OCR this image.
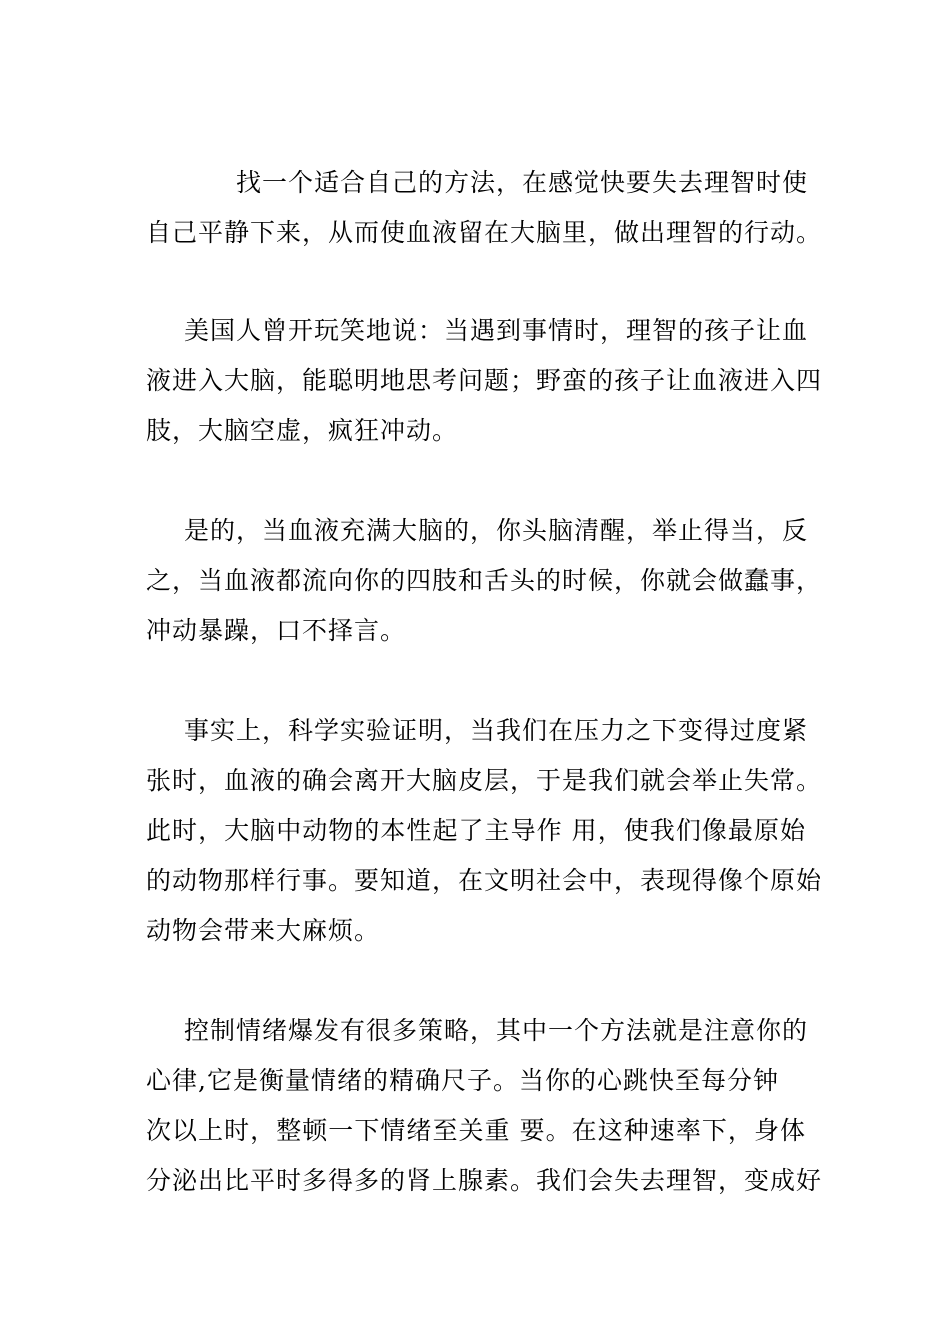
找一个适合自己的方法，在感觉快要失去理智时使
自己平静下来，从而使血液留在大脑里，做出理智的行动。
美国人曾开玩笑地说：当遇到事情时，理智的孩子让血
液进入大脑，能聪明地思考问题；野蛮的孩子让血液进入四
肢，大脑空虚，疯狂冲动。
是的，当血液充满大脑的，你头脑清醒，举止得当，反
之，当血液都流向你的四肢和舌头的时候，你就会做蠢事，
冲动暴躁，口不择言。
事实上，科学实验证明，当我们在压力之下变得过度紧
张时，血液的确会离开大脑皮层，于是我们就会举止失常。
此时，大脑中动物的本性起了主导作 用，使我们像最原始
的动物那样行事。要知道，在文明社会中，表现得像个原始
动物会带来大麻烦。
控制情绪爆发有很多策略，其中一个方法就是注意你的
心律,它是衡量情绪的精确尺子。当你的心跳快至每分钟
次以上时，整顿一下情绪至关重 要。在这种速率下，身体
分泌出比平时多得多的肾上腺素。我们会失去理智，变成好
